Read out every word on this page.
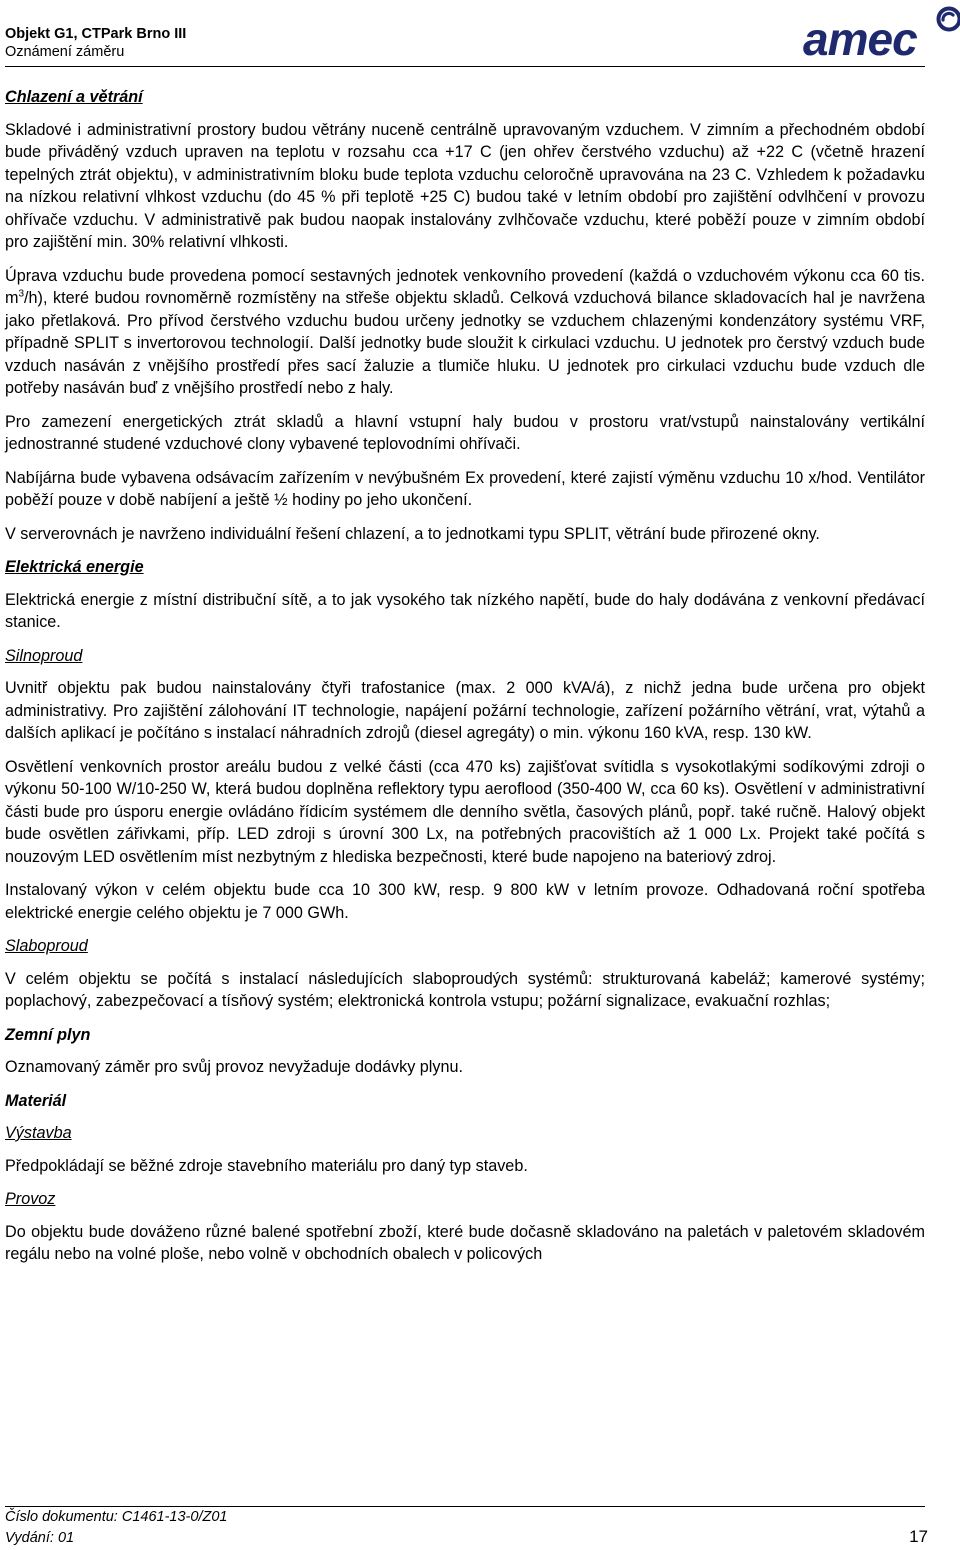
Objekt G1, CTPark Brno III
Oznámení záměru	amec

Chlazení a větrání

Skladové i administrativní prostory budou větrány nuceně centrálně upravovaným vzduchem. V zimním a přechodném období bude přiváděný vzduch upraven na teplotu v rozsahu cca +17 C (jen ohřev čerstvého vzduchu) až +22 C (včetně hrazení tepelných ztrát objektu), v administrativním bloku bude teplota vzduchu celoročně upravována na 23 C. Vzhledem k požadavku na nízkou relativní vlhkost vzduchu (do 45 % při teplotě +25 C) budou také v letním období pro zajištění odvlhčení v provozu ohřívače vzduchu. V administrativě pak budou naopak instalovány zvlhčovače vzduchu, které poběží pouze v zimním období pro zajištění min. 30% relativní vlhkosti.

Úprava vzduchu bude provedena pomocí sestavných jednotek venkovního provedení (každá o vzduchovém výkonu cca 60 tis. $m^3/h$), které budou rovnoměrně rozmístěny na střeše objektu skladů. Celková vzduchová bilance skladovacích hal je navržena jako přetlaková. Pro přívod čerstvého vzduchu budou určeny jednotky se vzduchem chlazenými kondenzátory systému VRF, případně SPLIT s invertorovou technologií. Další jednotky bude sloužit k cirkulaci vzduchu. U jednotek pro čerstvý vzduch bude vzduch nasáván z vnějšího prostředí přes sací žaluzie a tlumiče hluku. U jednotek pro cirkulaci vzduchu bude vzduch dle potřeby nasáván buď z vnějšího prostředí nebo z haly.

Pro zamezení energetických ztrát skladů a hlavní vstupní haly budou v prostoru vrat/vstupů nainstalovány vertikální jednostranné studené vzduchové clony vybavené teplovodními ohřívači.

Nabíjárna bude vybavena odsávacím zařízením v nevýbušném Ex provedení, které zajistí výměnu vzduchu 10 x/hod. Ventilátor poběží pouze v době nabíjení a ještě ½ hodiny po jeho ukončení.

V serverovnách je navrženo individuální řešení chlazení, a to jednotkami typu SPLIT, větrání bude přirozené okny.

Elektrická energie

Elektrická energie z místní distribuční sítě, a to jak vysokého tak nízkého napětí, bude do haly dodávána z venkovní předávací stanice.

Silnoproud

Uvnitř objektu pak budou nainstalovány čtyři trafostanice (max. 2 000 kVA/á), z nichž jedna bude určena pro objekt administrativy. Pro zajištění zálohování IT technologie, napájení požární technologie, zařízení požárního větrání, vrat, výtahů a dalších aplikací je počítáno s instalací náhradních zdrojů (diesel agregáty) o min. výkonu 160 kVA, resp. 130 kW.

Osvětlení venkovních prostor areálu budou z velké části (cca 470 ks) zajišťovat svítidla s vysokotlakými sodíkovými zdroji o výkonu 50-100 W/10-250 W, která budou doplněna reflektory typu aeroflood (350-400 W, cca 60 ks). Osvětlení v administrativní části bude pro úsporu energie ovládáno řídicím systémem dle denního světla, časových plánů, popř. také ručně. Halový objekt bude osvětlen zářivkami, příp. LED zdroji s úrovní 300 Lx, na potřebných pracovištích až 1 000 Lx. Projekt také počítá s nouzovým LED osvětlením míst nezbytným z hlediska bezpečnosti, které bude napojeno na bateriový zdroj.

Instalovaný výkon v celém objektu bude cca 10 300 kW, resp. 9 800 kW v letním provoze. Odhadovaná roční spotřeba elektrické energie celého objektu je 7 000 GWh.

Slaboproud

V celém objektu se počítá s instalací následujících slaboproudých systémů: strukturovaná kabeláž; kamerové systémy; poplachový, zabezpečovací a tísňový systém; elektronická kontrola vstupu; požární signalizace, evakuační rozhlas;

Zemní plyn

Oznamovaný záměr pro svůj provoz nevyžaduje dodávky plynu.

Materiál

Výstavba

Předpokládají se běžné zdroje stavebního materiálu pro daný typ staveb.

Provoz

Do objektu bude dováženo různé balené spotřební zboží, které bude dočasně skladováno na paletách v paletovém skladovém regálu nebo na volné ploše, nebo volně v obchodních obalech v policových

Číslo dokumentu: C1461-13-0/Z01
Vydání: 01	17
